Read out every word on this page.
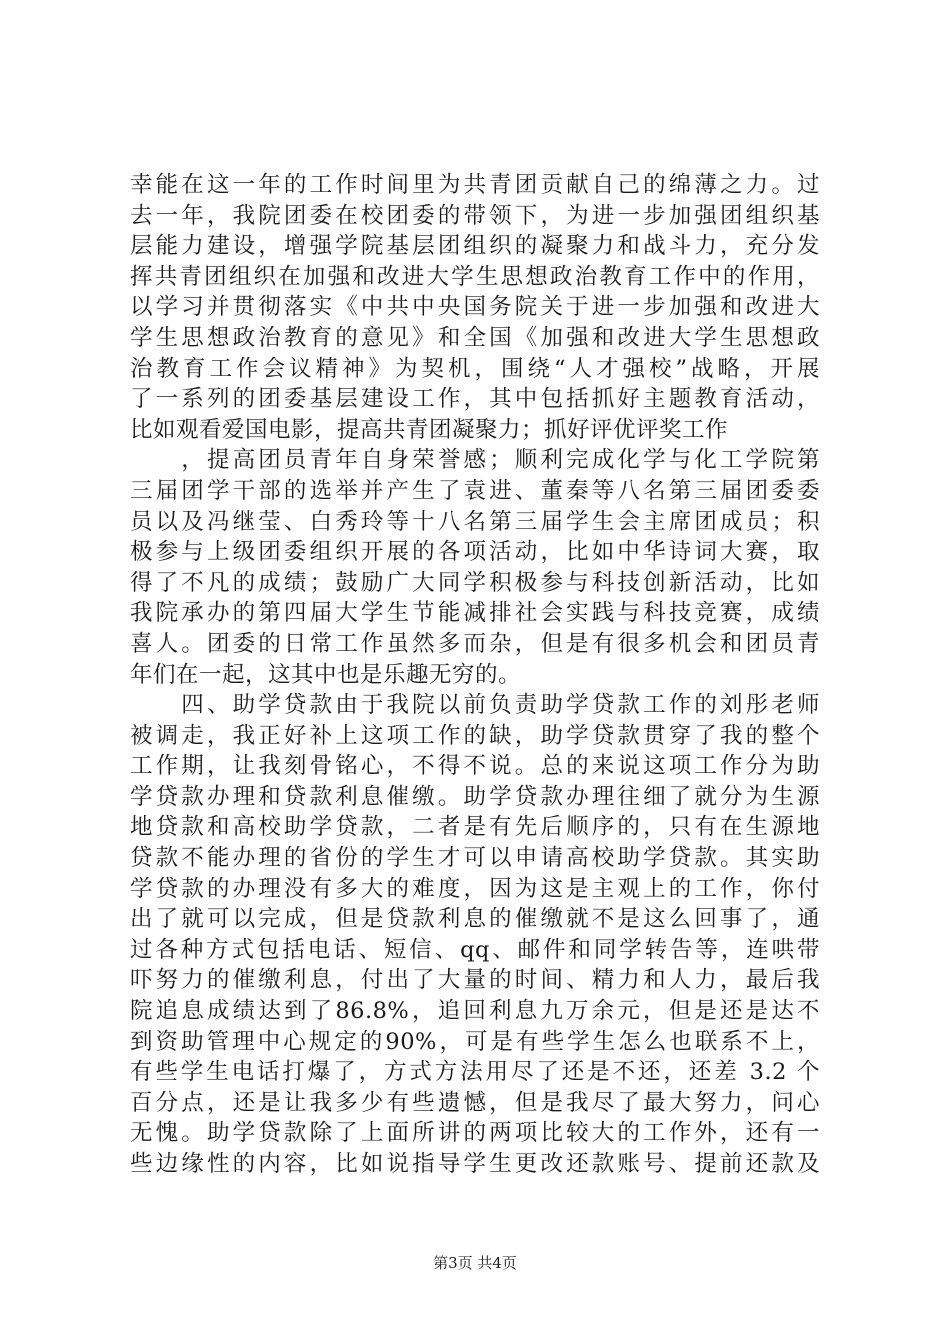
幸能在这一年的工作时间里为共青团贡献自己的绵薄之力。过
去一年，我院团委在校团委的带领下，为进一步加强团组织基
层能力建设，增强学院基层团组织的凝聚力和战斗力，充分发
挥共青团组织在加强和改进大学生思想政治教育工作中的作用，
以学习并贯彻落实《中共中央国务院关于进一步加强和改进大
学生思想政治教育的意见》和全国《加强和改进大学生思想政
治教育工作会议精神》为契机，围绕“人才强校”战略，开展
了一系列的团委基层建设工作，其中包括抓好主题教育活动，
比如观看爱国电影，提高共青团凝聚力；抓好评优评奖工作
　　，提高团员青年自身荣誉感；顺利完成化学与化工学院第
三届团学干部的选举并产生了袁进、董秦等八名第三届团委委
员以及冯继莹、白秀玲等十八名第三届学生会主席团成员；积
极参与上级团委组织开展的各项活动，比如中华诗词大赛，取
得了不凡的成绩；鼓励广大同学积极参与科技创新活动，比如
我院承办的第四届大学生节能减排社会实践与科技竞赛，成绩
喜人。团委的日常工作虽然多而杂，但是有很多机会和团员青
年们在一起，这其中也是乐趣无穷的。
　　四、助学贷款由于我院以前负责助学贷款工作的刘彤老师
被调走，我正好补上这项工作的缺，助学贷款贯穿了我的整个
工作期，让我刻骨铭心，不得不说。总的来说这项工作分为助
学贷款办理和贷款利息催缴。助学贷款办理往细了就分为生源
地贷款和高校助学贷款，二者是有先后顺序的，只有在生源地
贷款不能办理的省份的学生才可以申请高校助学贷款。其实助
学贷款的办理没有多大的难度，因为这是主观上的工作，你付
出了就可以完成，但是贷款利息的催缴就不是这么回事了，通
过各种方式包括电话、短信、qq、邮件和同学转告等，连哄带
吓努力的催缴利息，付出了大量的时间、精力和人力，最后我
院追息成绩达到了86.8%，追回利息九万余元，但是还是达不
到资助管理中心规定的90%，可是有些学生怎么也联系不上，
有些学生电话打爆了，方式方法用尽了还是不还，还差 3.2 个
百分点，还是让我多少有些遗憾，但是我尽了最大努力，问心
无愧。助学贷款除了上面所讲的两项比较大的工作外，还有一
些边缘性的内容，比如说指导学生更改还款账号、提前还款及
第3页 共4页
